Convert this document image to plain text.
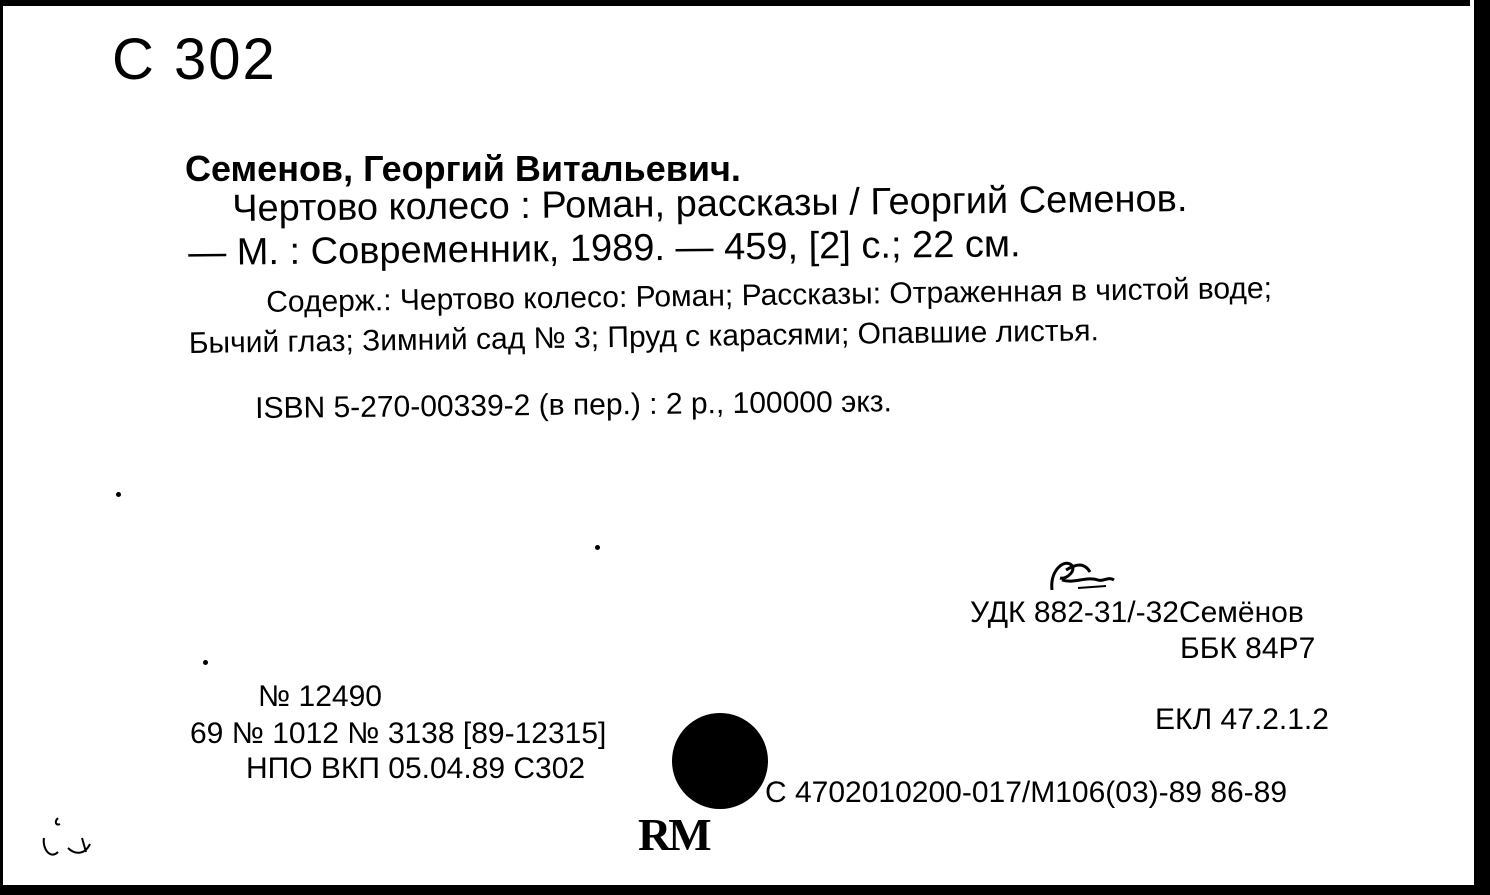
С 302
Семенов, Георгий Витальевич.
Чертово колесо : Роман, рассказы / Георгий Семенов.
— М. : Современник, 1989. — 459, [2] с.; 22 см.
Содерж.: Чертово колесо: Роман; Рассказы: Отраженная в чистой воде; Бычий глаз; Зимний сад № 3; Пруд с карасями; Опавшие листья.
ISBN 5-270-00339-2 (в пер.) : 2 р., 100000 экз.
УДК 882-31/-32Семёнов
ББК 84Р7
ЕКЛ 47.2.1.2
№ 12490
69 № 1012 № 3138 [89-12315]
НПО ВКП 05.04.89 С302
С 4702010200-017/М106(03)-89 86-89
RM
